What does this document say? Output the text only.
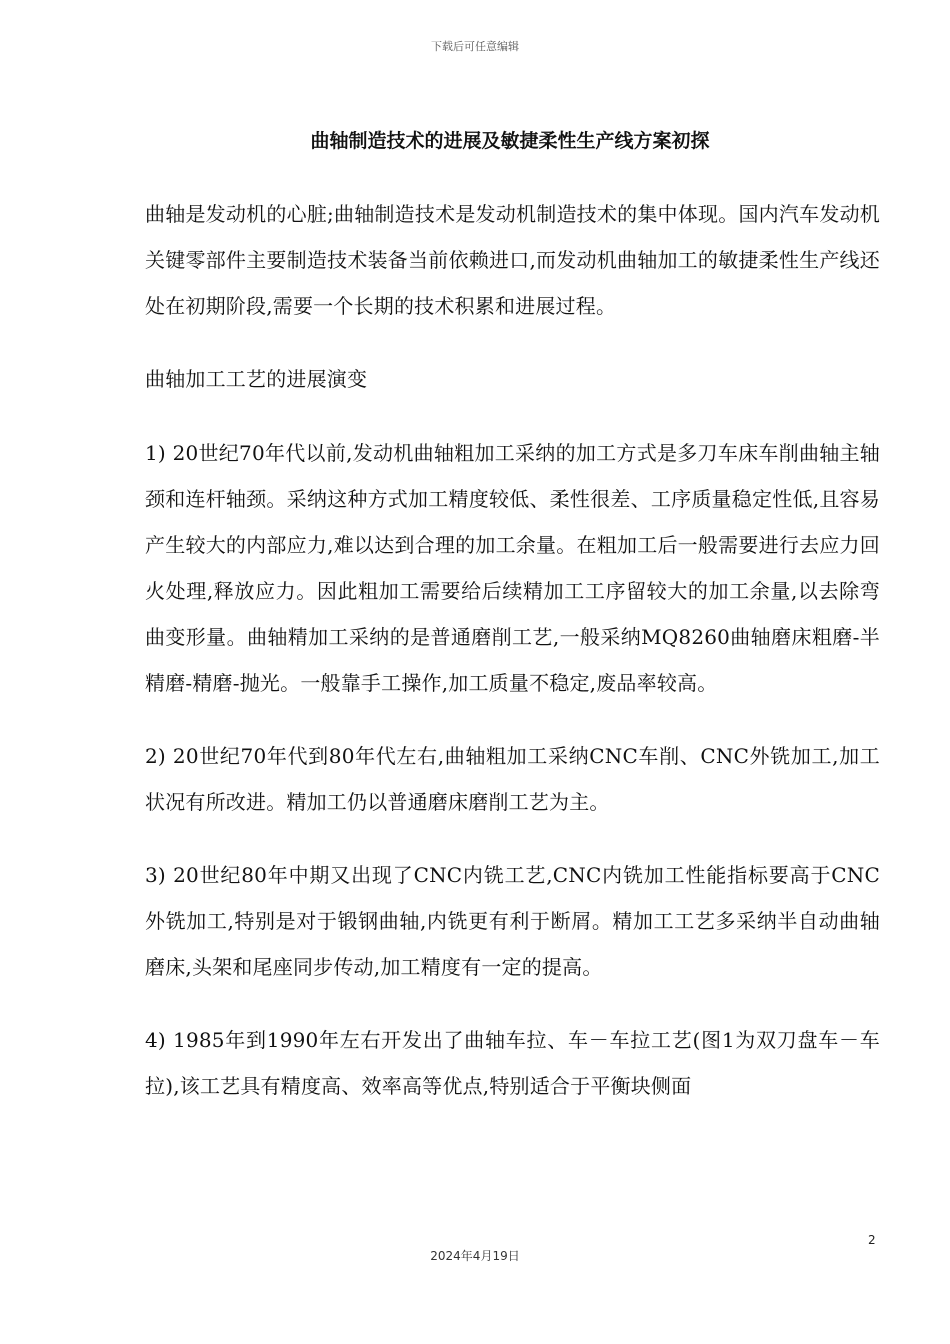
下载后可任意编辑
曲轴制造技术的进展及敏捷柔性生产线方案初探

曲轴是发动机的心脏;曲轴制造技术是发动机制造技术的集中体现。国内汽车发动机关键零部件主要制造技术装备当前依赖进口,而发动机曲轴加工的敏捷柔性生产线还处在初期阶段,需要一个长期的技术积累和进展过程。

曲轴加工工艺的进展演变

1) 20世纪70年代以前,发动机曲轴粗加工采纳的加工方式是多刀车床车削曲轴主轴颈和连杆轴颈。采纳这种方式加工精度较低、柔性很差、工序质量稳定性低,且容易产生较大的内部应力,难以达到合理的加工余量。在粗加工后一般需要进行去应力回火处理,释放应力。因此粗加工需要给后续精加工工序留较大的加工余量,以去除弯曲变形量。曲轴精加工采纳的是普通磨削工艺,一般采纳MQ8260曲轴磨床粗磨-半精磨-精磨-抛光。一般靠手工操作,加工质量不稳定,废品率较高。

2) 20世纪70年代到80年代左右,曲轴粗加工采纳CNC车削、CNC外铣加工,加工状况有所改进。精加工仍以普通磨床磨削工艺为主。

3) 20世纪80年中期又出现了CNC内铣工艺,CNC内铣加工性能指标要高于CNC外铣加工,特别是对于锻钢曲轴,内铣更有利于断屑。精加工工艺多采纳半自动曲轴磨床,头架和尾座同步传动,加工精度有一定的提高。

4) 1985年到1990年左右开发出了曲轴车拉、车－车拉工艺(图1为双刀盘车－车拉),该工艺具有精度高、效率高等优点,特别适合于平衡块侧面

2
2024年4月19日
